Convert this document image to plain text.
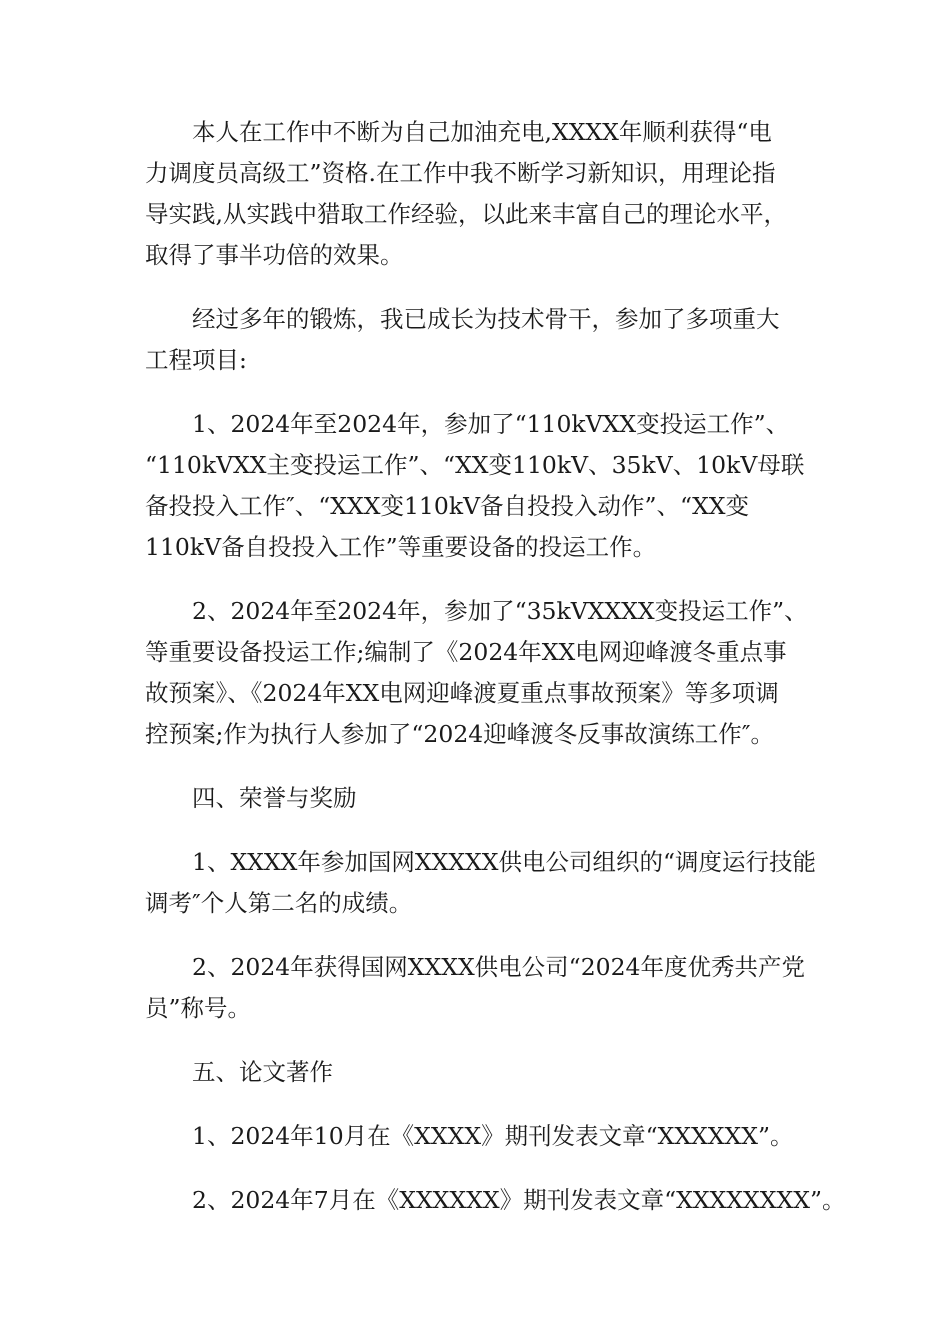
本人在工作中不断为自己加油充电,XXXX年顺利获得“电
力调度员高级工”资格.在工作中我不断学习新知识，用理论指
导实践,从实践中猎取工作经验，以此来丰富自己的理论水平，
取得了事半功倍的效果。

经过多年的锻炼，我已成长为技术骨干，参加了多项重大
工程项目:

1、2024年至2024年，参加了“110kVXX变投运工作”、
“110kVXX主变投运工作”、“XX变110kV、35kV、10kV母联
备投投入工作″、“XXX变110kV备自投投入动作”、“XX变
110kV备自投投入工作”等重要设备的投运工作。

2、2024年至2024年，参加了“35kVXXXX变投运工作”、
等重要设备投运工作;编制了《2024年XX电网迎峰渡冬重点事
故预案》、《2024年XX电网迎峰渡夏重点事故预案》等多项调
控预案;作为执行人参加了“2024迎峰渡冬反事故演练工作″。

四、荣誉与奖励

1、XXXX年参加国网XXXXX供电公司组织的“调度运行技能
调考″个人第二名的成绩。

2、2024年获得国网XXXX供电公司“2024年度优秀共产党
员”称号。

五、论文著作

1、2024年10月在《XXXX》期刊发表文章“XXXXXX”。

2、2024年7月在《XXXXXX》期刊发表文章“XXXXXXXX”。
